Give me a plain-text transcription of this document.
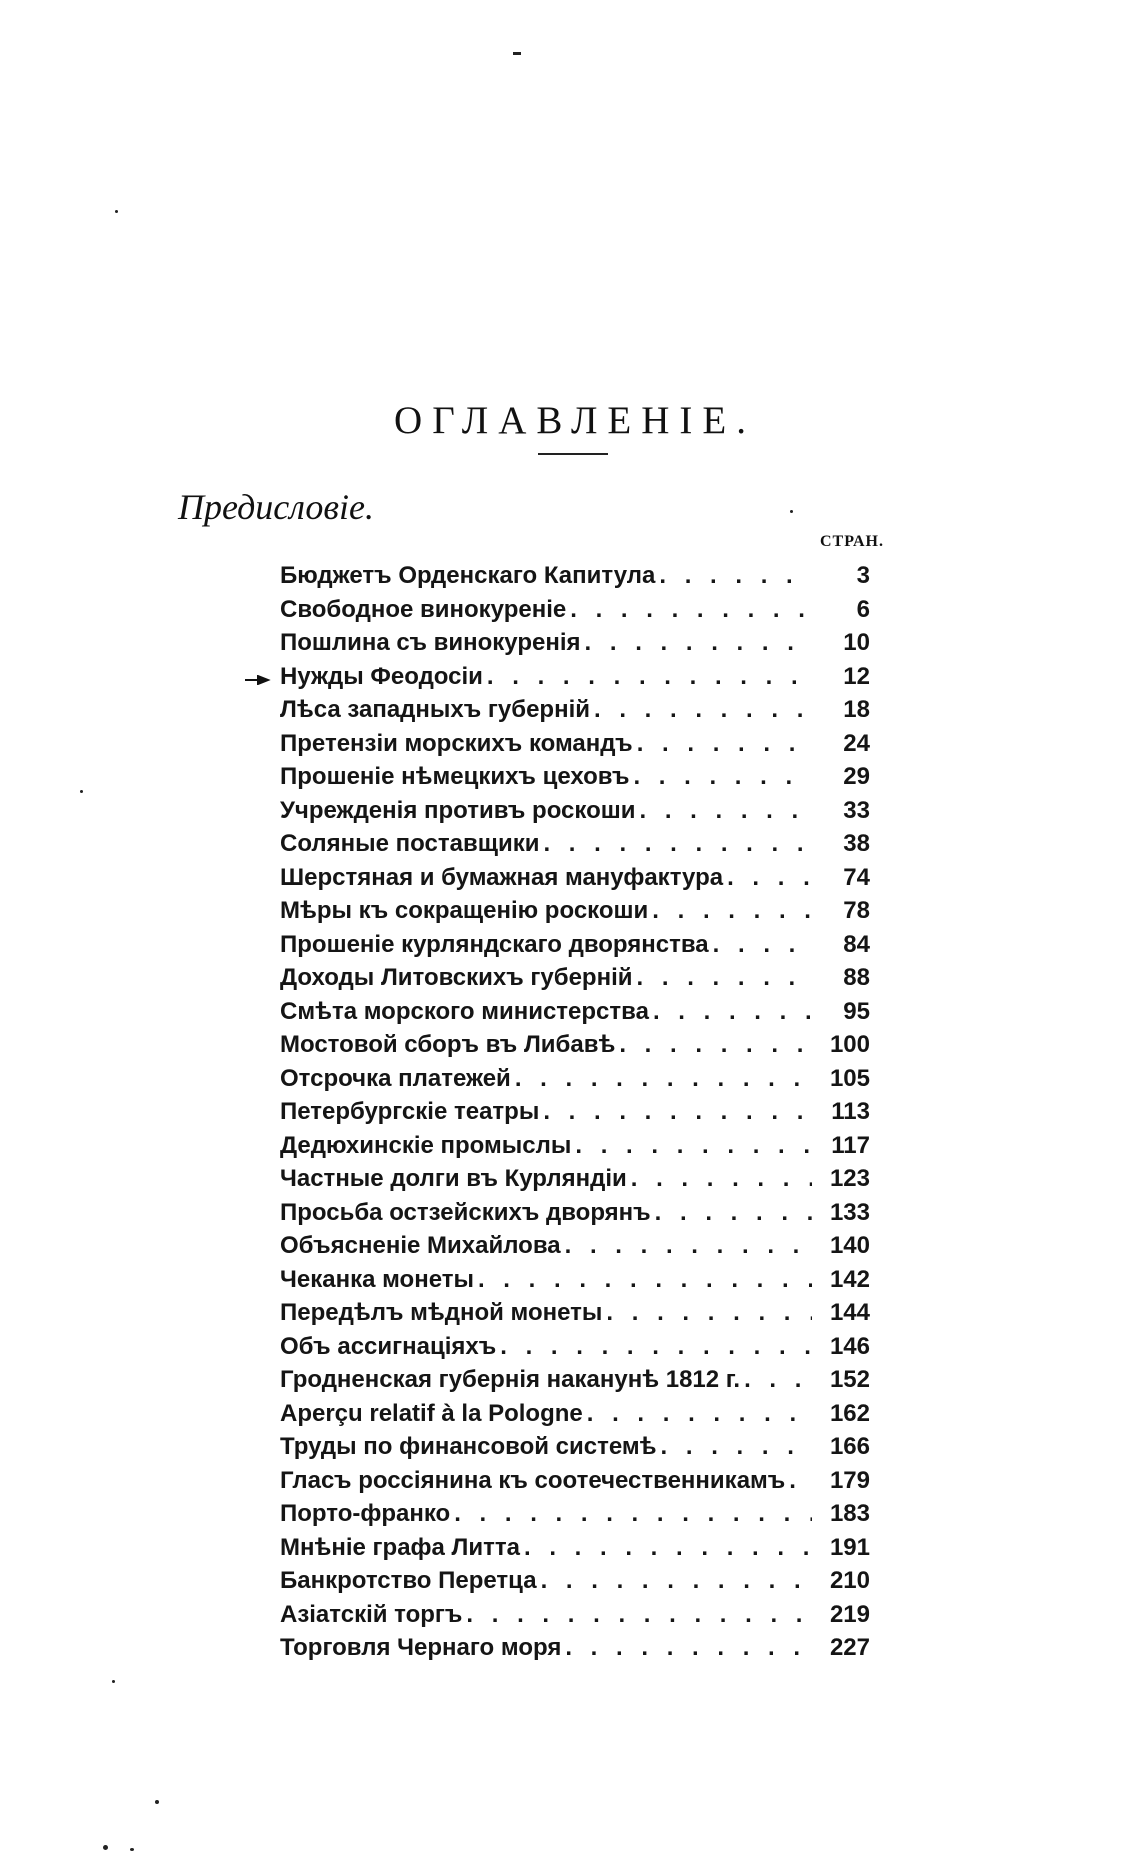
ОГЛАВЛЕНІЕ.
Предисловіе.
СТРАН.
Бюджетъ Орденскаго Капитула . . .	3
Свободное винокуреніе . . .	6
Пошлина съ винокуренія . . .	10
Нужды Феодосіи . . .	12
Лѣса западныхъ губерній . . .	18
Претензіи морскихъ командъ . . .	24
Прошеніе нѣмецкихъ цеховъ . . .	29
Учрежденія противъ роскоши . . .	33
Соляные поставщики . . .	38
Шерстяная и бумажная мануфактура . . .	74
Мѣры къ сокращенію роскоши . . .	78
Прошеніе курляндскаго дворянства . . .	84
Доходы Литовскихъ губерній . . .	88
Смѣта морского министерства . . .	95
Мостовой сборъ въ Либавѣ . . .	100
Отсрочка платежей . . .	105
Петербургскіе театры . . .	113
Дедюхинскіе промыслы . . .	117
Частные долги въ Курляндіи . . .	123
Просьба остзейскихъ дворянъ . . .	133
Объясненіе Михайлова . . .	140
Чеканка монеты . . .	142
Передѣлъ мѣдной монеты . . .	144
Объ ассигнаціяхъ . . .	146
Гродненская губернія наканунѣ 1812 г. . . .	152
Aperçu relatif à la Pologne . . .	162
Труды по финансовой системѣ . . .	166
Гласъ россіянина къ соотечественникамъ . . .	179
Порто-франко . . .	183
Мнѣніе графа Литта . . .	191
Банкротство Перетца . . .	210
Азіатскій торгъ . . .	219
Торговля Чернаго моря . . .	227
